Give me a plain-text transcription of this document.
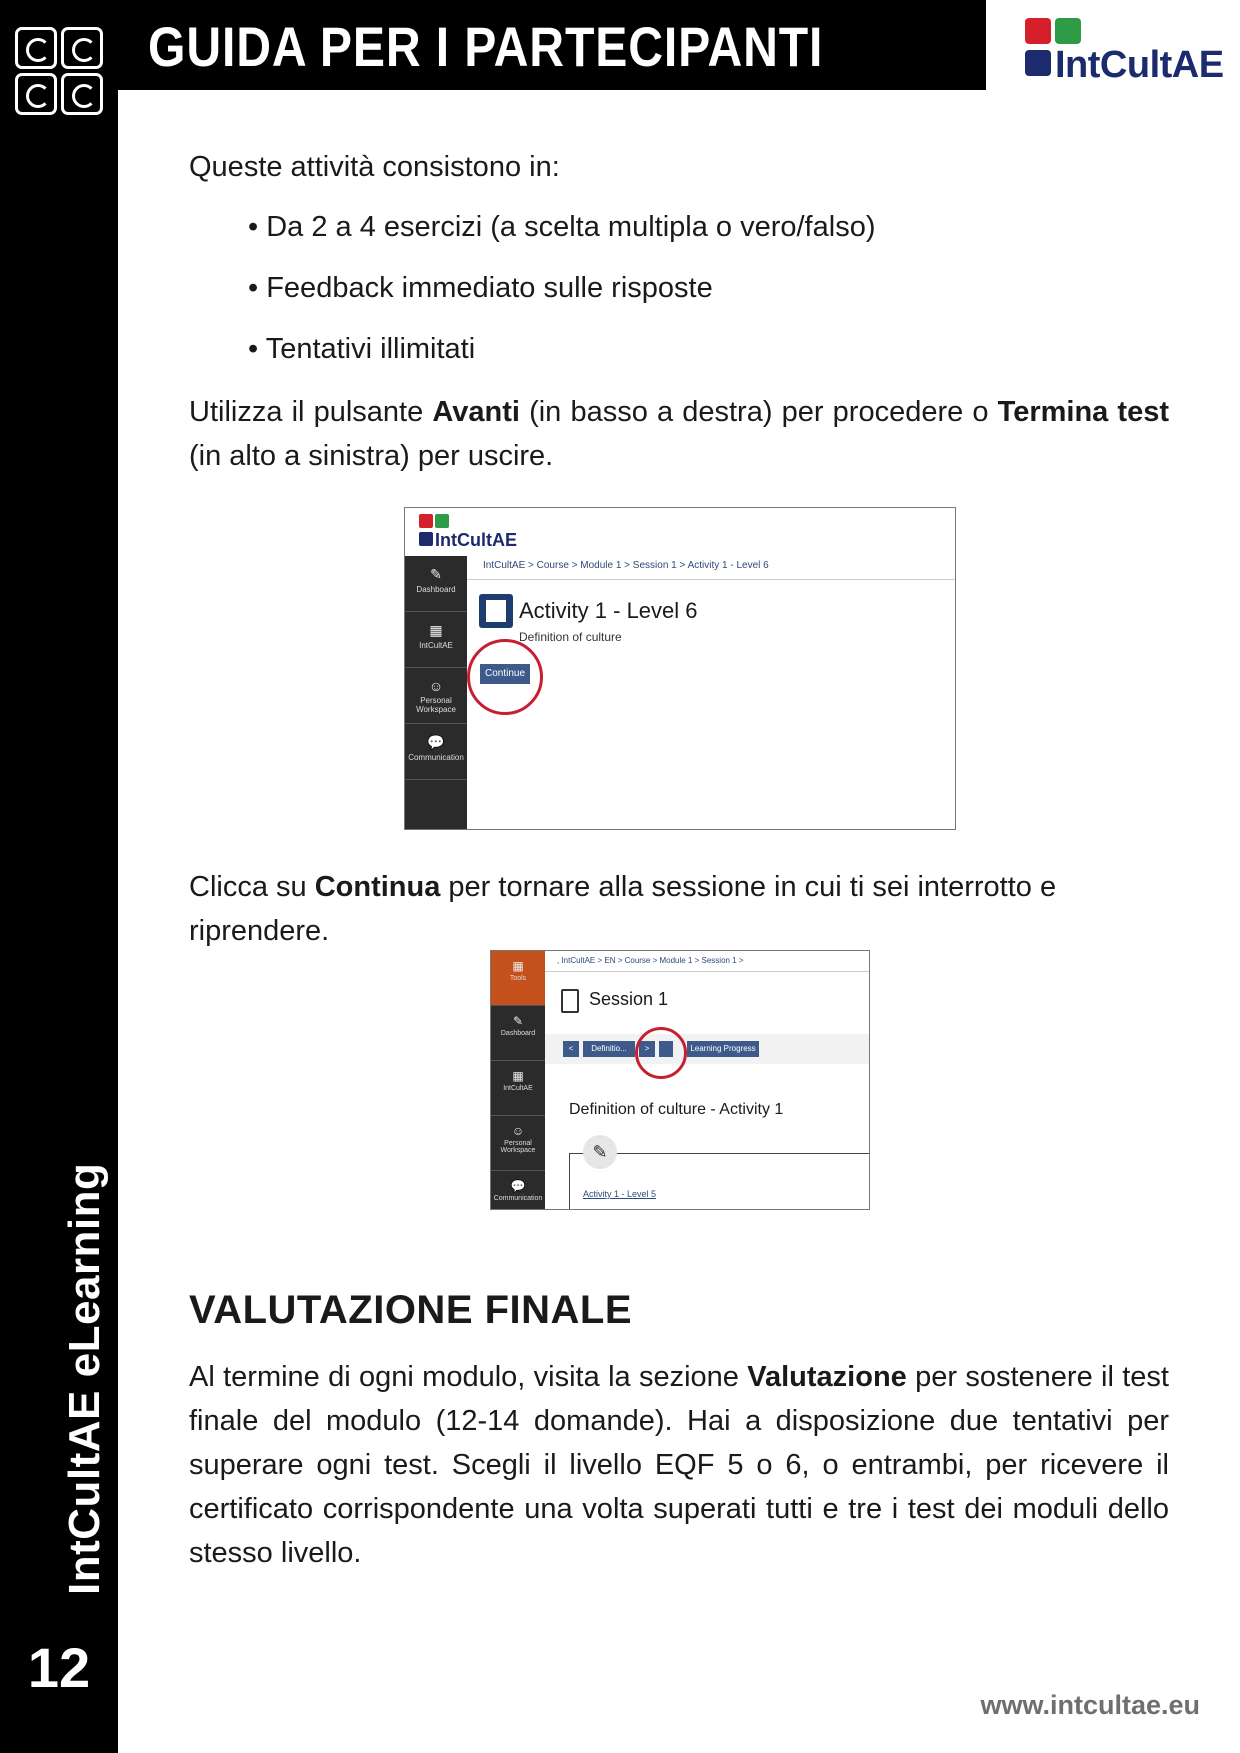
IntCultAE eLearning
12
GUIDA PER I PARTECIPANTI	IntCultAE
Queste attività consistono in:
• Da 2 a 4 esercizi (a scelta multipla o vero/falso)
• Feedback immediato sulle risposte
• Tentativi illimitati
Utilizza il pulsante Avanti (in basso a destra) per procedere o Termina test (in alto a sinistra) per uscire.
IntCultAE
✎
Dashboard
▦
IntCultAE
☺
Personal Workspace
💬
Communication
IntCultAE > Course > Module 1 > Session 1 > Activity 1 - Level 6
Activity 1 - Level 6
Definition of culture
Continue
Clicca su Continua per tornare alla sessione in cui ti sei interrotto e riprendere.
▦
Tools
✎
Dashboard
▦
IntCultAE
☺
Personal Workspace
💬
Communication
, IntCultAE > EN > Course > Module 1 > Session 1 >
Session 1
<	Definitio...	>	Learning Progress
Definition of culture - Activity 1
✎
Activity 1 - Level 5
VALUTAZIONE FINALE
Al termine di ogni modulo, visita la sezione Valutazione per sostenere il test finale del modulo (12-14 domande). Hai a disposizione due tentativi per superare ogni test. Scegli il livello EQF 5 o 6, o entrambi, per ricevere il certificato corrispondente una volta superati tutti e tre i test dei moduli dello stesso livello.
www.intcultae.eu
